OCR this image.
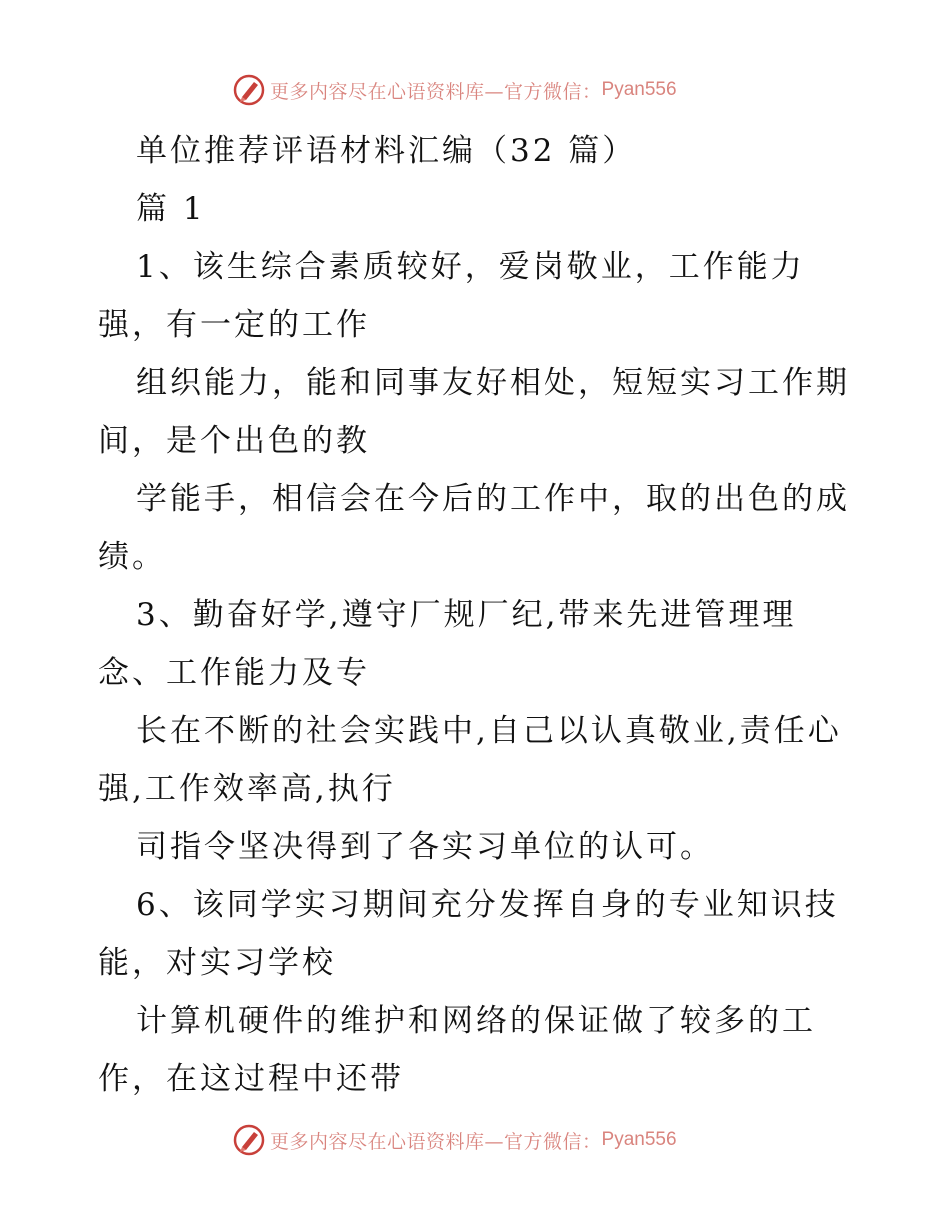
更多内容尽在心语资料库—官方微信： Pyan556
单位推荐评语材料汇编（32 篇）
篇 1
1、该生综合素质较好，爱岗敬业，工作能力
强，有一定的工作
组织能力，能和同事友好相处，短短实习工作期
间，是个出色的教
学能手，相信会在今后的工作中，取的出色的成
绩。
3、勤奋好学,遵守厂规厂纪,带来先进管理理
念、工作能力及专
长在不断的社会实践中,自己以认真敬业,责任心
强,工作效率高,执行
司指令坚决得到了各实习单位的认可。
6、该同学实习期间充分发挥自身的专业知识技
能，对实习学校
计算机硬件的维护和网络的保证做了较多的工
作，在这过程中还带
更多内容尽在心语资料库—官方微信： Pyan556
